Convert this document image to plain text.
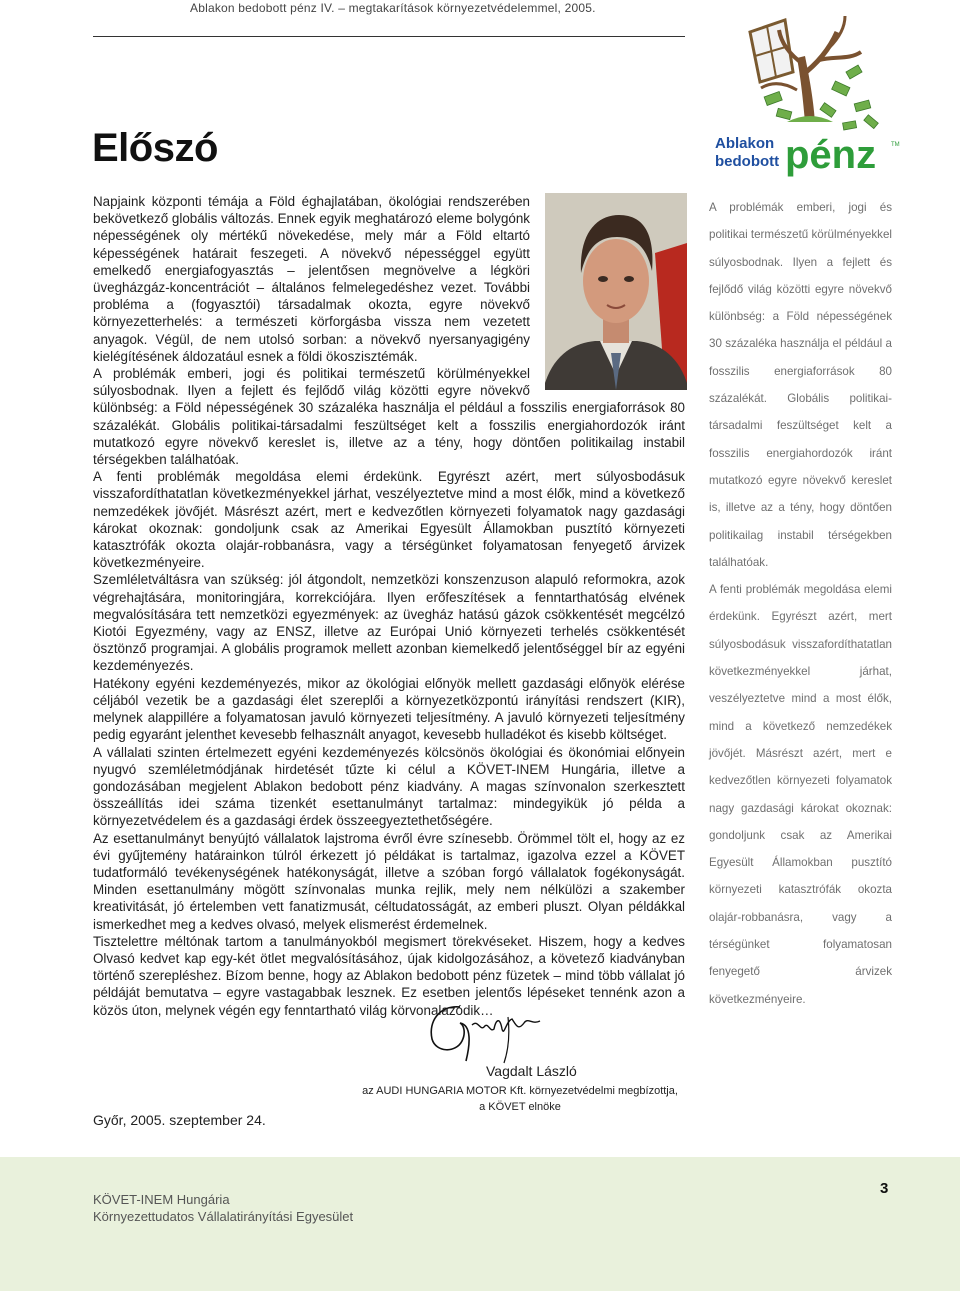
Ablakon bedobott pénz IV. – megtakarítások környezetvédelemmel, 2005.
Ablakon
bedobott pénz TM
Előszó

Napjaink központi témája a Föld éghajlatában, ökológiai rendszerében bekövetkező globális változás. Ennek egyik meghatározó eleme bolygónk népességének oly mértékű növekedése, mely már a Föld eltartó képességének határait feszegeti. A növekvő népességgel együtt emelkedő energiafogyasztás – jelentősen megnövelve a légköri üvegházgáz-koncentrációt – általános felmelegedéshez vezet. További probléma a (fogyasztói) társadalmak okozta, egyre növekvő környezetterhelés: a természeti körforgásba vissza nem vezetett anyagok. Végül, de nem utolsó sorban: a növekvő nyersanyagigény kielégítésének áldozatául esnek a földi ökoszisztémák.

A problémák emberi, jogi és politikai természetű körülményekkel súlyosbodnak. Ilyen a fejlett és fejlődő világ közötti egyre növekvő különbség: a Föld népességének 30 százaléka használja el például a fosszilis energiaforrások 80 százalékát. Globális politikai-társadalmi feszültséget kelt a fosszilis energiahordozók iránt mutatkozó egyre növekvő kereslet is, illetve az a tény, hogy döntően politikailag instabil térségekben találhatóak.

A fenti problémák megoldása elemi érdekünk. Egyrészt azért, mert súlyosbodásuk visszafordíthatatlan következményekkel járhat, veszélyeztetve mind a most élők, mind a következő nemzedékek jövőjét. Másrészt azért, mert e kedvezőtlen környezeti folyamatok nagy gazdasági károkat okoznak: gondoljunk csak az Amerikai Egyesült Államokban pusztító környezeti katasztrófák okozta olajár-robbanásra, vagy a térségünket folyamatosan fenyegető árvizek következményeire.

Szemléletváltásra van szükség: jól átgondolt, nemzetközi konszenzuson alapuló reformokra, azok végrehajtására, monitoringjára, korrekciójára. Ilyen erőfeszítések a fenntarthatóság elvének megvalósítására tett nemzetközi egyezmények: az üvegház hatású gázok csökkentését megcélzó Kiotói Egyezmény, vagy az ENSZ, illetve az Európai Unió környezeti terhelés csökkentését ösztönző programjai. A globális programok mellett azonban kiemelkedő jelentőséggel bír az egyéni kezdeményezés.

Hatékony egyéni kezdeményezés, mikor az ökológiai előnyök mellett gazdasági előnyök elérése céljából vezetik be a gazdasági élet szereplői a környezetközpontú irányítási rendszert (KIR), melynek alappillére a folyamatosan javuló környezeti teljesítmény. A javuló környezeti teljesítmény pedig egyaránt jelenthet kevesebb felhasznált anyagot, kevesebb hulladékot és kisebb költséget.

A vállalati szinten értelmezett egyéni kezdeményezés kölcsönös ökológiai és ökonómiai előnyein nyugvó szemléletmódjának hirdetését tűzte ki célul a KÖVET-INEM Hungária, illetve a gondozásában megjelent Ablakon bedobott pénz kiadvány. A magas színvonalon szerkesztett összeállítás idei száma tizenkét esettanulmányt tartalmaz: mindegyikük jó példa a környezetvédelem és a gazdasági érdek összeegyeztethetőségére.

Az esettanulmányt benyújtó vállalatok lajstroma évről évre színesebb. Örömmel tölt el, hogy az ez évi gyűjtemény határainkon túlról érkezett jó példákat is tartalmaz, igazolva ezzel a KÖVET tudatformáló tevékenységének hatékonyságát, illetve a szóban forgó vállalatok fogékonyságát. Minden esettanulmány mögött színvonalas munka rejlik, mely nem nélkülözi a szakember kreativitását, jó értelemben vett fanatizmusát, céltudatosságát, az emberi pluszt. Olyan példákkal ismerkedhet meg a kedves olvasó, melyek elismerést érdemelnek.

Tisztelettre méltónak tartom a tanulmányokból megismert törekvéseket. Hiszem, hogy a kedves Olvasó kedvet kap egy-két ötlet megvalósításához, újak kidolgozásához, a követező kiadványban történő szerepléshez. Bízom benne, hogy az Ablakon bedobott pénz füzetek – mind több vállalat jó példáját bemutatva – egyre vastagabbak lesznek. Ez esetben jelentős lépéseket tennénk azon a közös úton, melynek végén egy fenntartható világ körvonalazódik…

A problémák emberi, jogi és politikai természetű körülményekkel súlyosbodnak. Ilyen a fejlett és fejlődő világ közötti egyre növekvő különbség: a Föld népességének 30 százaléka használja el például a fosszilis energiaforrások 80 százalékát. Globális politikai-társadalmi feszültséget kelt a fosszilis energiahordozók iránt mutatkozó egyre növekvő kereslet is, illetve az a tény, hogy döntően politikailag instabil térségekben találhatóak.

A fenti problémák megoldása elemi érdekünk. Egyrészt azért, mert súlyosbodásuk visszafordíthatatlan következményekkel járhat, veszélyeztetve mind a most élők, mind a következő nemzedékek jövőjét. Másrészt azért, mert e kedvezőtlen környezeti folyamatok nagy gazdasági károkat okoznak: gondoljunk csak az Amerikai Egyesült Államokban pusztító környezeti katasztrófák okozta olajár-robbanásra, vagy a térségünket folyamatosan fenyegető árvizek következményeire.

Vagdalt László
az AUDI HUNGARIA MOTOR Kft. környezetvédelmi megbízottja,
a KÖVET elnöke
Győr, 2005. szeptember 24.
KÖVET-INEM Hungária
Környezettudatos Vállalatirányítási Egyesület
3
